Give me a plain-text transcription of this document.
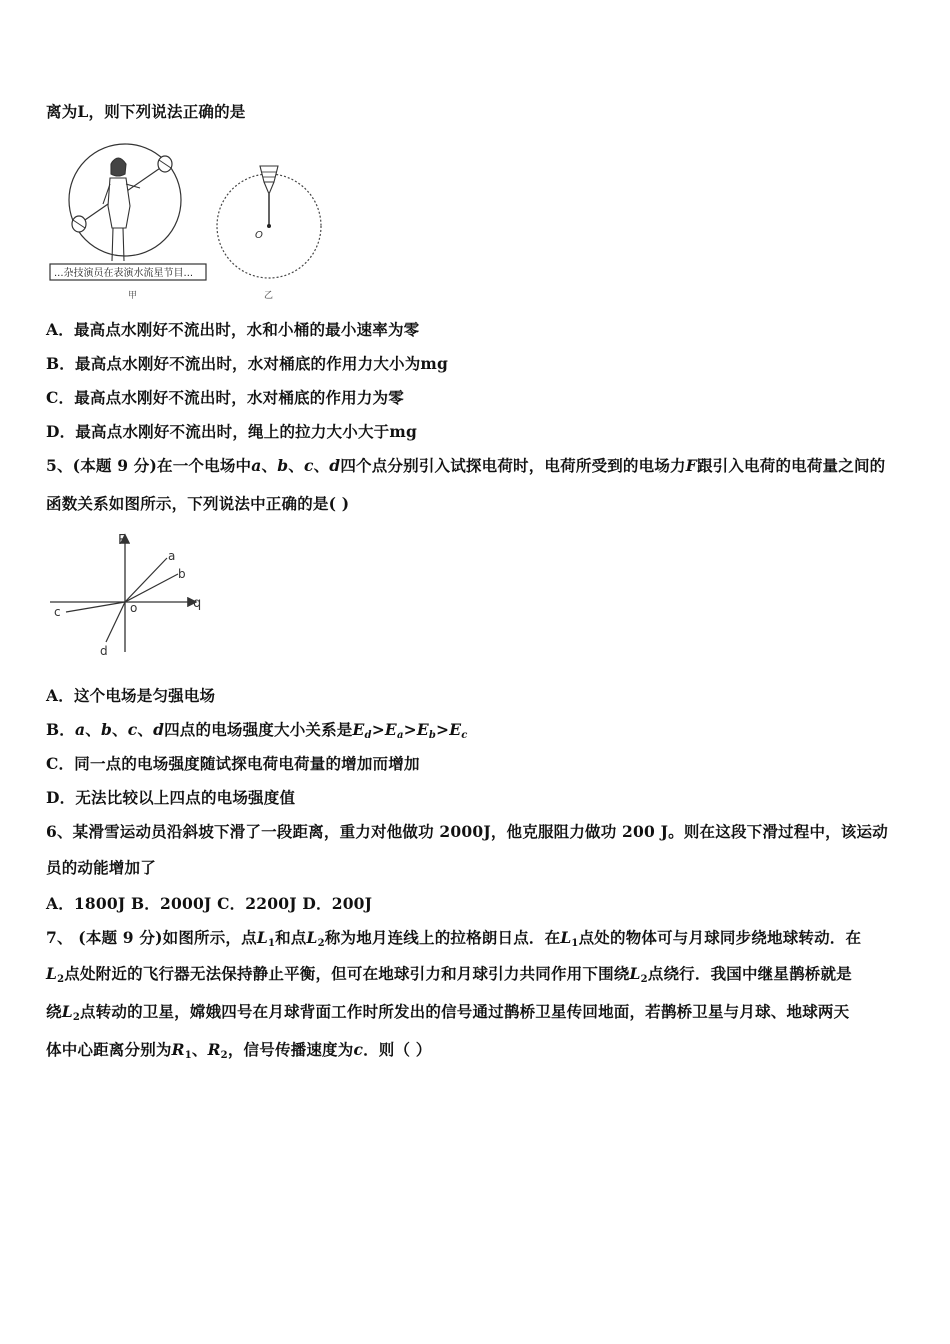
离为L，则下列说法正确的是
...杂技演员在表演水流星节目...
甲
O
乙
A．最高点水刚好不流出时，水和小桶的最小速率为零
B．最高点水刚好不流出时，水对桶底的作用力大小为mg
C．最高点水刚好不流出时，水对桶底的作用力为零
D．最高点水刚好不流出时，绳上的拉力大小大于mg
5、(本题 9 分)在一个电场中a、b、c、d四个点分别引入试探电荷时，电荷所受到的电场力F跟引入电荷的电荷量之间的
函数关系如图所示，下列说法中正确的是( )
F
q
o
a
b
c
d
A．这个电场是匀强电场
B．a、b、c、d四点的电场强度大小关系是$E_d>E_a>E_b>E_c$
C．同一点的电场强度随试探电荷电荷量的增加而增加
D．无法比较以上四点的电场强度值
6、某滑雪运动员沿斜坡下滑了一段距离，重力对他做功 2000J，他克服阻力做功 200 J。则在这段下滑过程中，该运动
员的动能增加了
A．1800J B．2000J C．2200J D．200J
7、 (本题 9 分)如图所示，点$L_1$和点$L_2$称为地月连线上的拉格朗日点．在$L_1$点处的物体可与月球同步绕地球转动．在
$L_2$点处附近的飞行器无法保持静止平衡，但可在地球引力和月球引力共同作用下围绕$L_2$点绕行．我国中继星鹊桥就是
绕$L_2$点转动的卫星，嫦娥四号在月球背面工作时所发出的信号通过鹊桥卫星传回地面，若鹊桥卫星与月球、地球两天
体中心距离分别为$R_1$、$R_2$，信号传播速度为c．则（ ）
